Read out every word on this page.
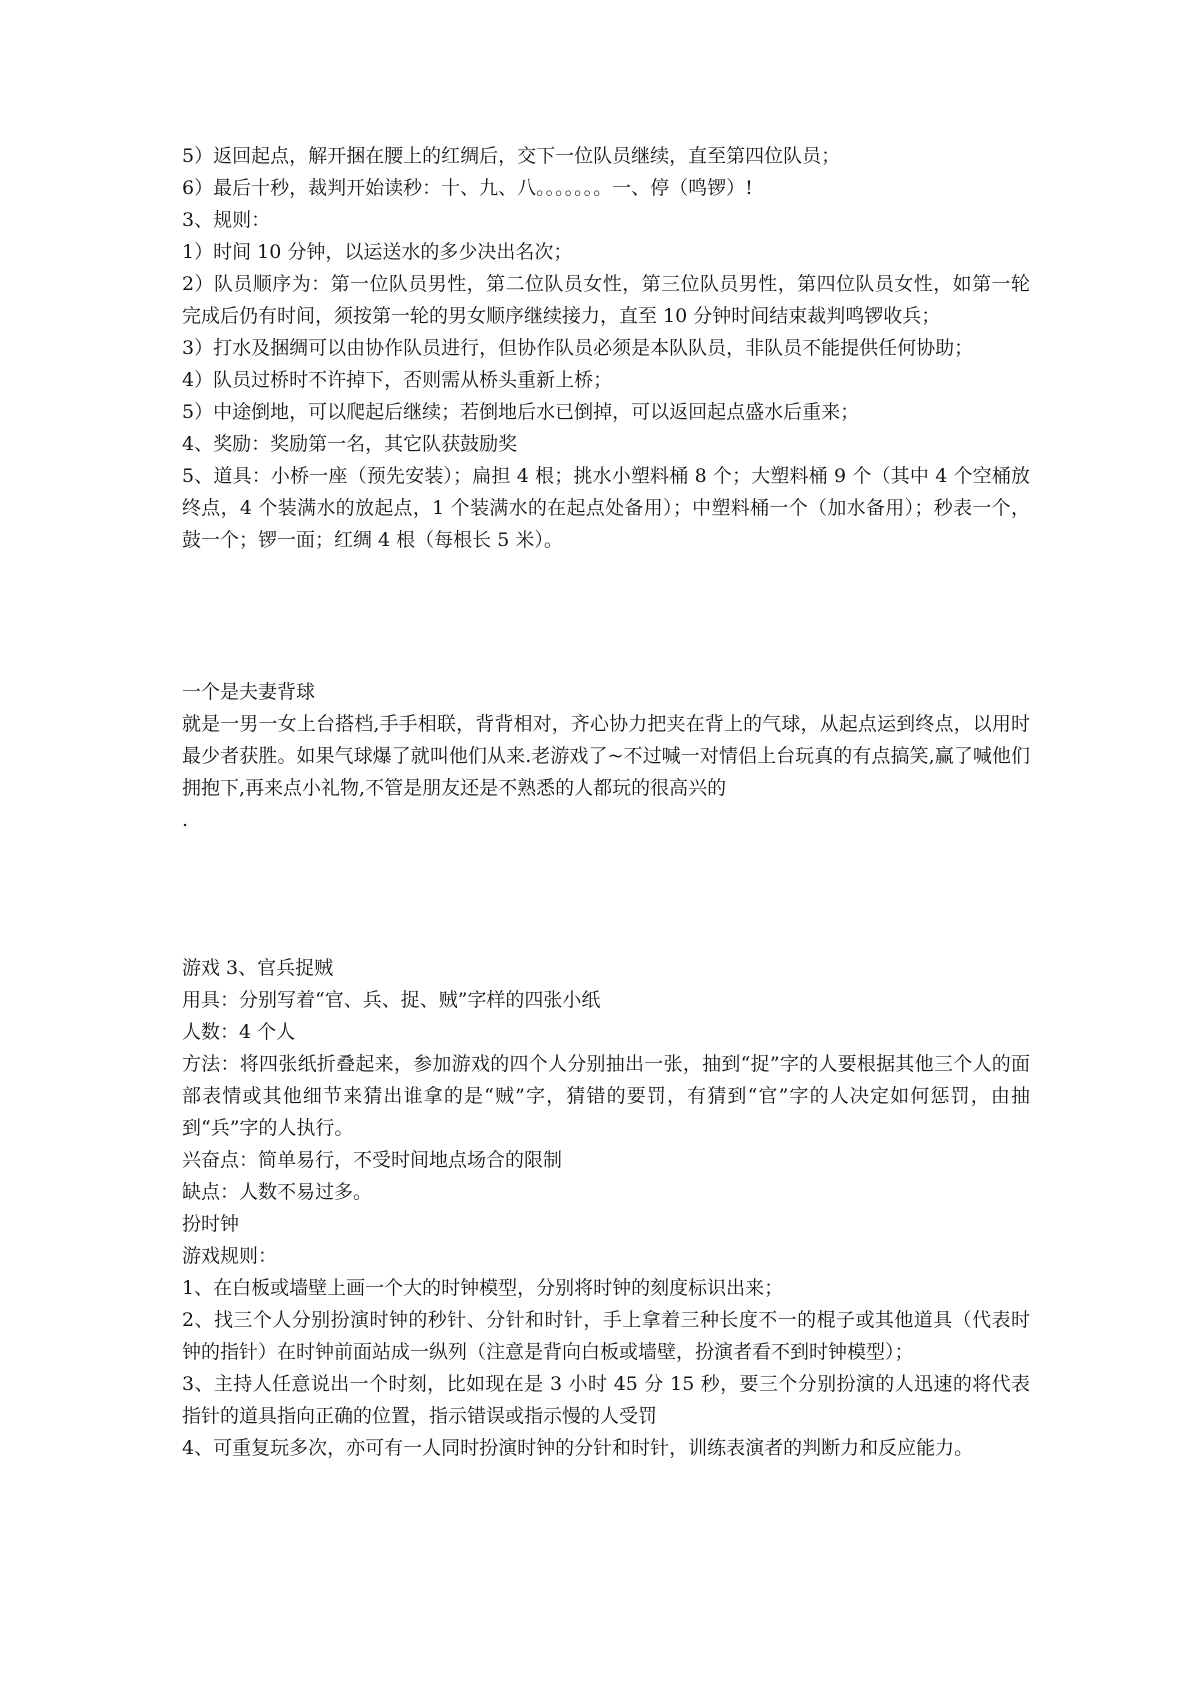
5）返回起点，解开捆在腰上的红绸后，交下一位队员继续，直至第四位队员；

6）最后十秒，裁判开始读秒：十、九、八。。。。。。。一、停（鸣锣）!

3、规则：

1）时间 10 分钟，以运送水的多少决出名次；

2）队员顺序为：第一位队员男性，第二位队员女性，第三位队员男性，第四位队员女性，如第一轮完成后仍有时间，须按第一轮的男女顺序继续接力，直至 10 分钟时间结束裁判鸣锣收兵；

3）打水及捆绸可以由协作队员进行，但协作队员必须是本队队员，非队员不能提供任何协助；

4）队员过桥时不许掉下，否则需从桥头重新上桥；

5）中途倒地，可以爬起后继续；若倒地后水已倒掉，可以返回起点盛水后重来；

4、奖励：奖励第一名，其它队获鼓励奖

5、道具：小桥一座（预先安装）；扁担 4 根；挑水小塑料桶 8 个；大塑料桶 9 个（其中 4 个空桶放终点，4 个装满水的放起点，1 个装满水的在起点处备用）；中塑料桶一个（加水备用）；秒表一个，鼓一个；锣一面；红绸 4 根（每根长 5 米）。

一个是夫妻背球

就是一男一女上台搭档,手手相联，背背相对，齐心协力把夹在背上的气球，从起点运到终点，以用时最少者获胜。如果气球爆了就叫他们从来.老游戏了~不过喊一对情侣上台玩真的有点搞笑,赢了喊他们拥抱下,再来点小礼物,不管是朋友还是不熟悉的人都玩的很高兴的

.

游戏 3、官兵捉贼

用具：分别写着“官、兵、捉、贼”字样的四张小纸

人数：4 个人

方法：将四张纸折叠起来，参加游戏的四个人分别抽出一张，抽到“捉”字的人要根据其他三个人的面部表情或其他细节来猜出谁拿的是“贼”字，猜错的要罚，有猜到“官”字的人决定如何惩罚，由抽到“兵”字的人执行。

兴奋点：简单易行，不受时间地点场合的限制

缺点：人数不易过多。

扮时钟

游戏规则：

1、在白板或墙壁上画一个大的时钟模型，分别将时钟的刻度标识出来；

2、找三个人分别扮演时钟的秒针、分针和时针，手上拿着三种长度不一的棍子或其他道具（代表时钟的指针）在时钟前面站成一纵列（注意是背向白板或墙壁，扮演者看不到时钟模型）；

3、主持人任意说出一个时刻，比如现在是 3 小时 45 分 15 秒，要三个分别扮演的人迅速的将代表指针的道具指向正确的位置，指示错误或指示慢的人受罚

4、可重复玩多次，亦可有一人同时扮演时钟的分针和时针，训练表演者的判断力和反应能力。
